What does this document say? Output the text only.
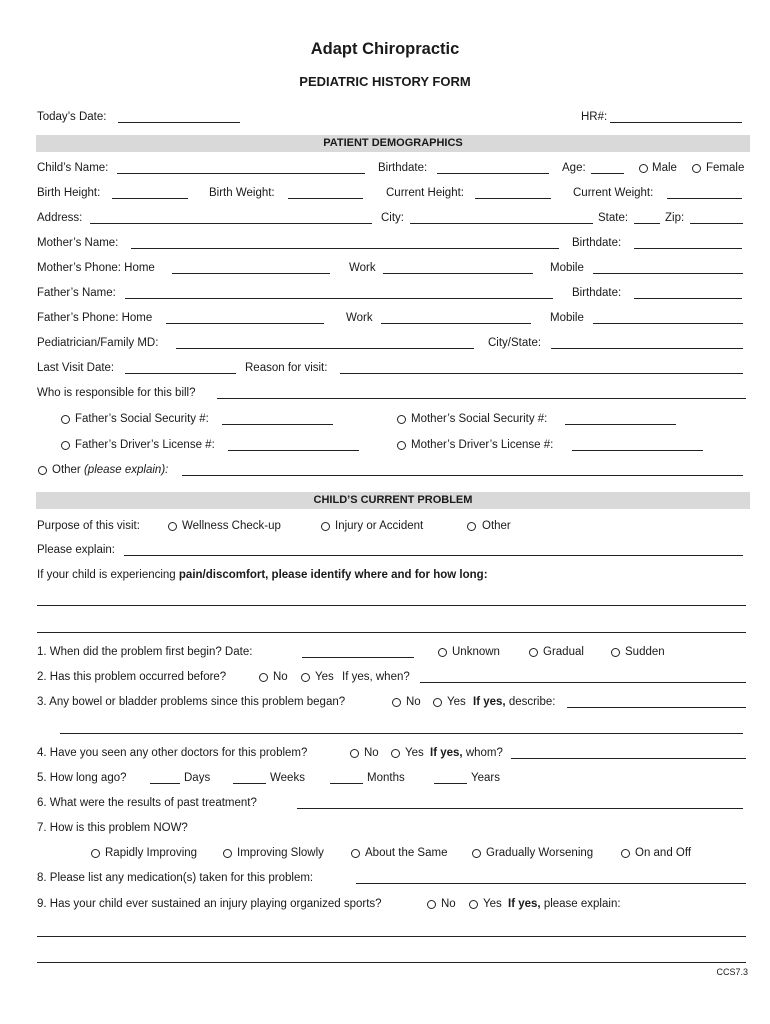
Adapt Chiropractic
PEDIATRIC HISTORY FORM
Today’s Date:	HR#:
PATIENT DEMOGRAPHICS
Child’s Name:	Birthdate:	Age:	Male	Female
Birth Height:	Birth Weight:	Current Height:	Current Weight:
Address:	City:	State:	Zip:
Mother’s Name:	Birthdate:
Mother’s Phone: Home	Work	Mobile
Father’s Name:	Birthdate:
Father’s Phone: Home	Work	Mobile
Pediatrician/Family MD:	City/State:
Last Visit Date:	Reason for visit:
Who is responsible for this bill?
Father’s Social Security #:	Mother’s Social Security #:
Father’s Driver’s License #:	Mother’s Driver’s License #:
Other (please explain):
CHILD’S CURRENT PROBLEM
Purpose of this visit:	Wellness Check-up	Injury or Accident	Other
Please explain:
If your child is experiencing pain/discomfort, please identify where and for how long:
1. When did the problem first begin? Date:	Unknown	Gradual	Sudden
2. Has this problem occurred before?	No Yes If yes, when?
3. Any bowel or bladder problems since this problem began?	No Yes If yes, describe:
4. Have you seen any other doctors for this problem?	No Yes If yes, whom?
5. How long ago?	Days	Weeks	Months	Years
6. What were the results of past treatment?
7. How is this problem NOW?
Rapidly Improving	Improving Slowly	About the Same	Gradually Worsening	On and Off
8. Please list any medication(s) taken for this problem:
9. Has your child ever sustained an injury playing organized sports?	No Yes If yes, please explain:
CCS7.3
